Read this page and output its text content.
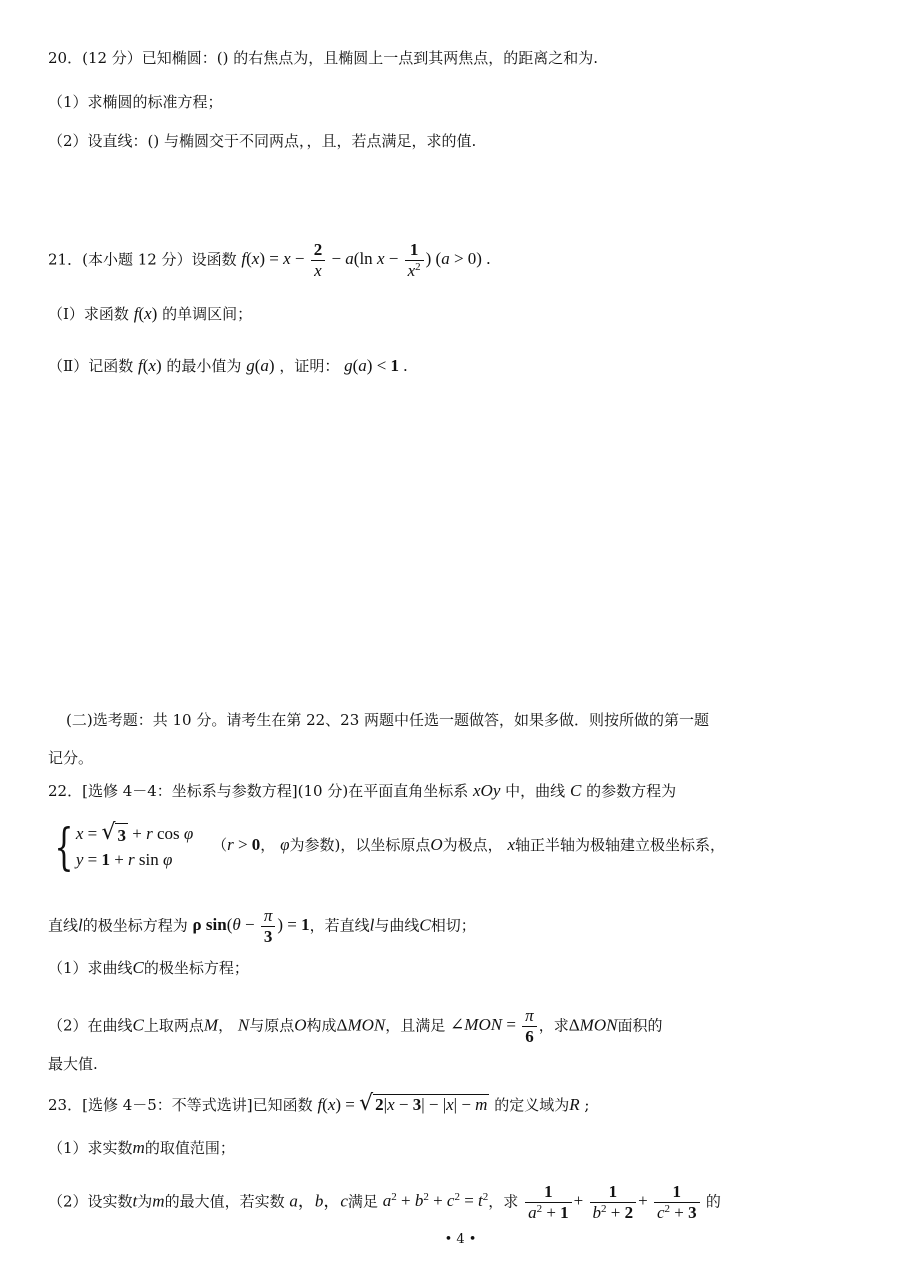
20．(12 分）已知椭圆：() 的右焦点为，且椭圆上一点到其两焦点，的距离之和为.
（1）求椭圆的标准方程；
（2）设直线：() 与椭圆交于不同两点，，且，若点满足，求的值.
21．(本小题 12 分）设函数 $f(x) = x - \frac{2}{x} - a(\ln$ $x - \frac{1}{x^2}$ ) (a > 0) .
（Ⅰ）求函数 f(x) 的单调区间；
（Ⅱ）记函数 f(x) 的最小值为 g(a) ，证明： g(a) < 1 .
(二)选考题：共 10 分。请考生在第 22、23 两题中任选一题做答，如果多做．则按所做的第一题
记分。
22．[选修 4－4：坐标系与参数方程](10 分)在平面直角坐标系 xOy 中，曲线 C 的参数方程为
{ x = √ 3 + r cos φ
y = 1 + r sin φ
（r > 0， φ为参数)，以坐标原点O为极点， x轴正半轴为极轴建立极坐标系，
直线l的极坐标方程为 ρ $\sin(\theta - \frac{\pi}{3}$ ) = 1，若直线l与曲线C相切；
（1）求曲线C的极坐标方程；
（2）在曲线C上取两点M， N与原点O构成ΔMON，且满足 ∠MON = $\frac{\pi}{6}$ ，求ΔMON面积的
最大值.
23．[选修 4－5：不等式选讲]已知函数 f(x) = √ 2|x − 3| − |x| − m 的定义域为R ;
（1）求实数m的取值范围；
（2）设实数t为m的最大值，若实数 a，b，c满足 $a^2 + b^2 + c^2 = t^2$，求 $\frac{1}{a^2 + 1} + \frac{1}{b^2 + 2} + \frac{1}{c^2 + 3}$ 的
• 4 •
